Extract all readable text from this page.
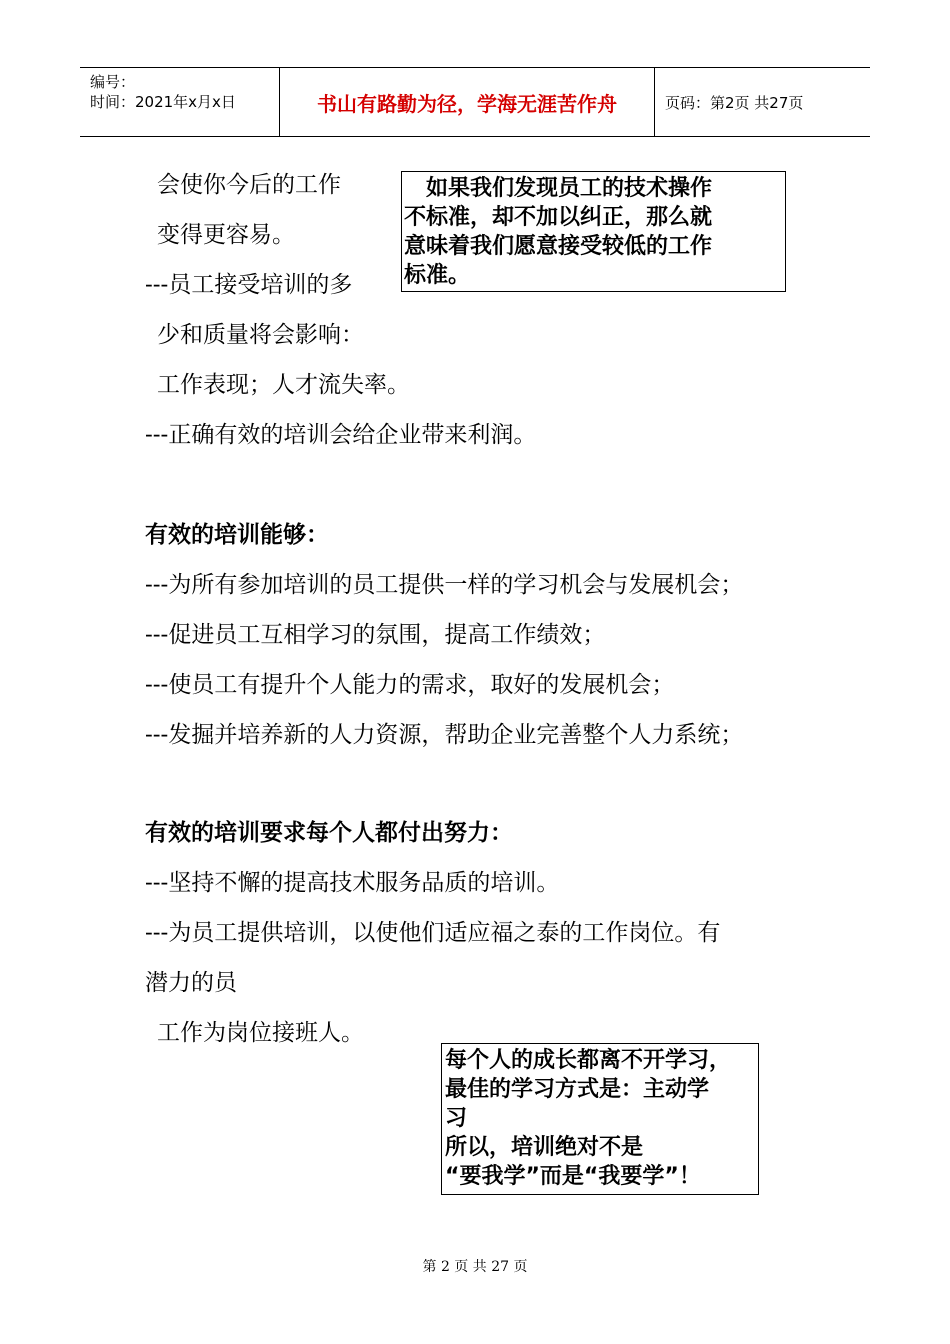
编号：
时间：2021年x月x日	书山有路勤为径，学海无涯苦作舟	页码：第2页 共27页
会使你今后的工作
变得更容易。
---员工接受培训的多
少和质量将会影响：
工作表现；人才流失率。
---正确有效的培训会给企业带来利润。
有效的培训能够：
---为所有参加培训的员工提供一样的学习机会与发展机会；
---促进员工互相学习的氛围，提高工作绩效；
---使员工有提升个人能力的需求，取好的发展机会；
---发掘并培养新的人力资源，帮助企业完善整个人力系统；
有效的培训要求每个人都付出努力：
---坚持不懈的提高技术服务品质的培训。
---为员工提供培训，以使他们适应福之泰的工作岗位。有
潜力的员
工作为岗位接班人。
　如果我们发现员工的技术操作
不标准，却不加以纠正，那么就
意味着我们愿意接受较低的工作
标准。
每个人的成长都离不开学习，
最佳的学习方式是：主动学
习
所以，培训绝对不是
“要我学”而是“我要学”！
第 2 页 共 27 页
